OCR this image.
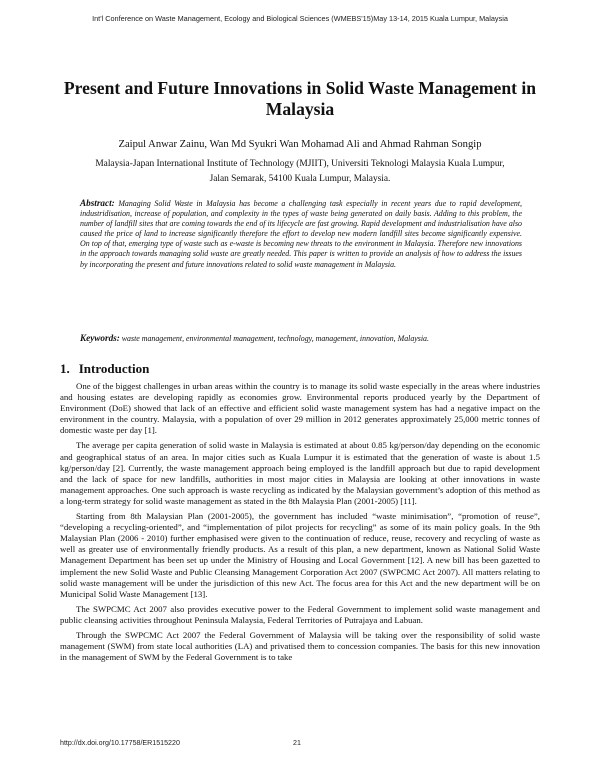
Int'l Conference on Waste Management, Ecology and Biological Sciences (WMEBS'15)May 13-14, 2015 Kuala Lumpur, Malaysia
Present and Future Innovations in Solid Waste Management in Malaysia
Zaipul Anwar Zainu, Wan Md Syukri Wan Mohamad Ali and Ahmad Rahman Songip
Malaysia-Japan International Institute of Technology (MJIIT), Universiti Teknologi Malaysia Kuala Lumpur,
Jalan Semarak, 54100 Kuala Lumpur, Malaysia.
Abstract: Managing Solid Waste in Malaysia has become a challenging task especially in recent years due to rapid development, industridisation, increase of population, and complexity in the types of waste being generated on daily basis. Adding to this problem, the number of landfill sites that are coming towards the end of its lifecycle are fast growing. Rapid development and industrialisation have also caused the price of land to increase significantly therefore the effort to develop new modern landfill sites become significantly expensive. On top of that, emerging type of waste such as e-waste is becoming new threats to the environment in Malaysia. Therefore new innovations in the approach towards managing solid waste are greatly needed. This paper is written to provide an analysis of how to address the issues by incorporating the present and future innovations related to solid waste management in Malaysia.
Keywords: waste management, environmental management, technology, management, innovation, Malaysia.
1. Introduction

One of the biggest challenges in urban areas within the country is to manage its solid waste especially in the areas where industries and housing estates are developing rapidly as economies grow. Environmental reports produced yearly by the Department of Environment (DoE) showed that lack of an effective and efficient solid waste management system has had a negative impact on the environment in the country. Malaysia, with a population of over 29 million in 2012 generates approximately 25,000 metric tonnes of domestic waste per day [1].

The average per capita generation of solid waste in Malaysia is estimated at about 0.85 kg/person/day depending on the economic and geographical status of an area. In major cities such as Kuala Lumpur it is estimated that the generation of waste is about 1.5 kg/person/day [2]. Currently, the waste management approach being employed is the landfill approach but due to rapid development and the lack of space for new landfills, authorities in most major cities in Malaysia are looking at other innovations in waste management approaches. One such approach is waste recycling as indicated by the Malaysian government’s adoption of this method as a long-term strategy for solid waste management as stated in the 8th Malaysia Plan (2001-2005) [11].

Starting from 8th Malaysian Plan (2001-2005), the government has included “waste minimisation”, “promotion of reuse”, “developing a recycling-oriented”, and “implementation of pilot projects for recycling” as some of its main policy goals. In the 9th Malaysian Plan (2006 - 2010) further emphasised were given to the continuation of reduce, reuse, recovery and recycling of waste as well as greater use of environmentally friendly products. As a result of this plan, a new department, known as National Solid Waste Management Department has been set up under the Ministry of Housing and Local Government [12]. A new bill has been gazetted to implement the new Solid Waste and Public Cleansing Management Corporation Act 2007 (SWPCMC Act 2007). All matters relating to solid waste management will be under the jurisdiction of this new Act. The focus area for this Act and the new department will be on Municipal Solid Waste Management [13].

The SWPCMC Act 2007 also provides executive power to the Federal Government to implement solid waste management and public cleansing activities throughout Peninsula Malaysia, Federal Territories of Putrajaya and Labuan.

Through the SWPCMC Act 2007 the Federal Government of Malaysia will be taking over the responsibility of solid waste management (SWM) from state local authorities (LA) and privatised them to concession companies. The basis for this new innovation in the management of SWM by the Federal Government is to take

http://dx.doi.org/10.17758/ER1515220	21
